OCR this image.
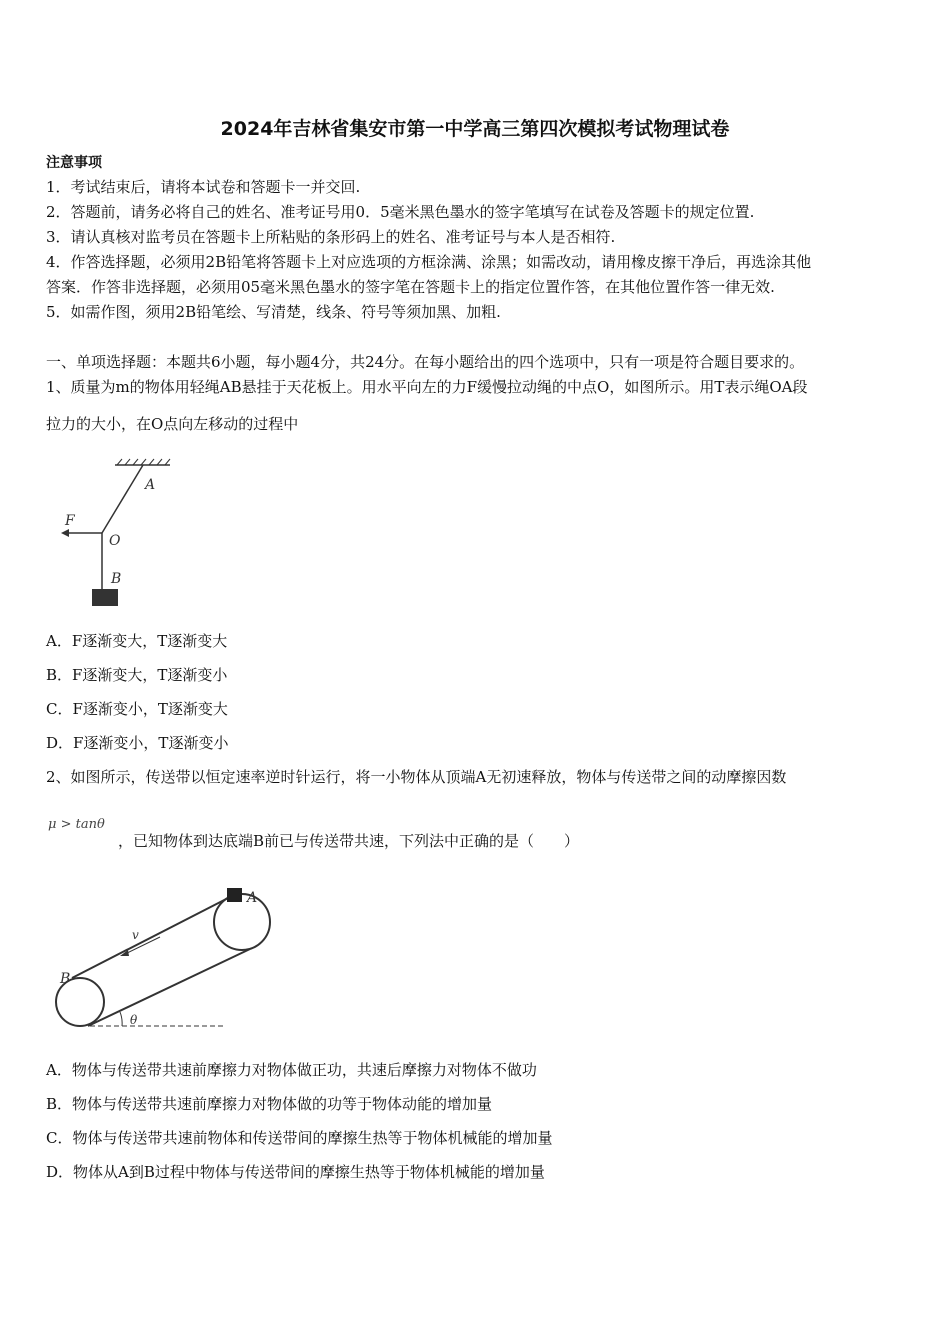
2024年吉林省集安市第一中学高三第四次模拟考试物理试卷
注意事项
1．考试结束后，请将本试卷和答题卡一并交回.
2．答题前，请务必将自己的姓名、准考证号用0．5毫米黑色墨水的签字笔填写在试卷及答题卡的规定位置.
3．请认真核对监考员在答题卡上所粘贴的条形码上的姓名、准考证号与本人是否相符.
4．作答选择题，必须用2B铅笔将答题卡上对应选项的方框涂满、涂黑；如需改动，请用橡皮擦干净后，再选涂其他
答案．作答非选择题，必须用05毫米黑色墨水的签字笔在答题卡上的指定位置作答，在其他位置作答一律无效.
5．如需作图，须用2B铅笔绘、写清楚，线条、符号等须加黑、加粗.
一、单项选择题：本题共6小题，每小题4分，共24分。在每小题给出的四个选项中，只有一项是符合题目要求的。
1、质量为m的物体用轻绳AB悬挂于天花板上。用水平向左的力F缓慢拉动绳的中点O，如图所示。用T表示绳OA段
拉力的大小，在O点向左移动的过程中
A
F
O
B
A．F逐渐变大，T逐渐变大
B．F逐渐变大，T逐渐变小
C．F逐渐变小，T逐渐变大
D．F逐渐变小，T逐渐变小
2、如图所示，传送带以恒定速率逆时针运行，将一小物体从顶端A无初速释放，物体与传送带之间的动摩擦因数
μ > tanθ
，已知物体到达底端B前已与传送带共速，下列法中正确的是（　　）
A
v
B
θ
A．物体与传送带共速前摩擦力对物体做正功，共速后摩擦力对物体不做功
B．物体与传送带共速前摩擦力对物体做的功等于物体动能的增加量
C．物体与传送带共速前物体和传送带间的摩擦生热等于物体机械能的增加量
D．物体从A到B过程中物体与传送带间的摩擦生热等于物体机械能的增加量
